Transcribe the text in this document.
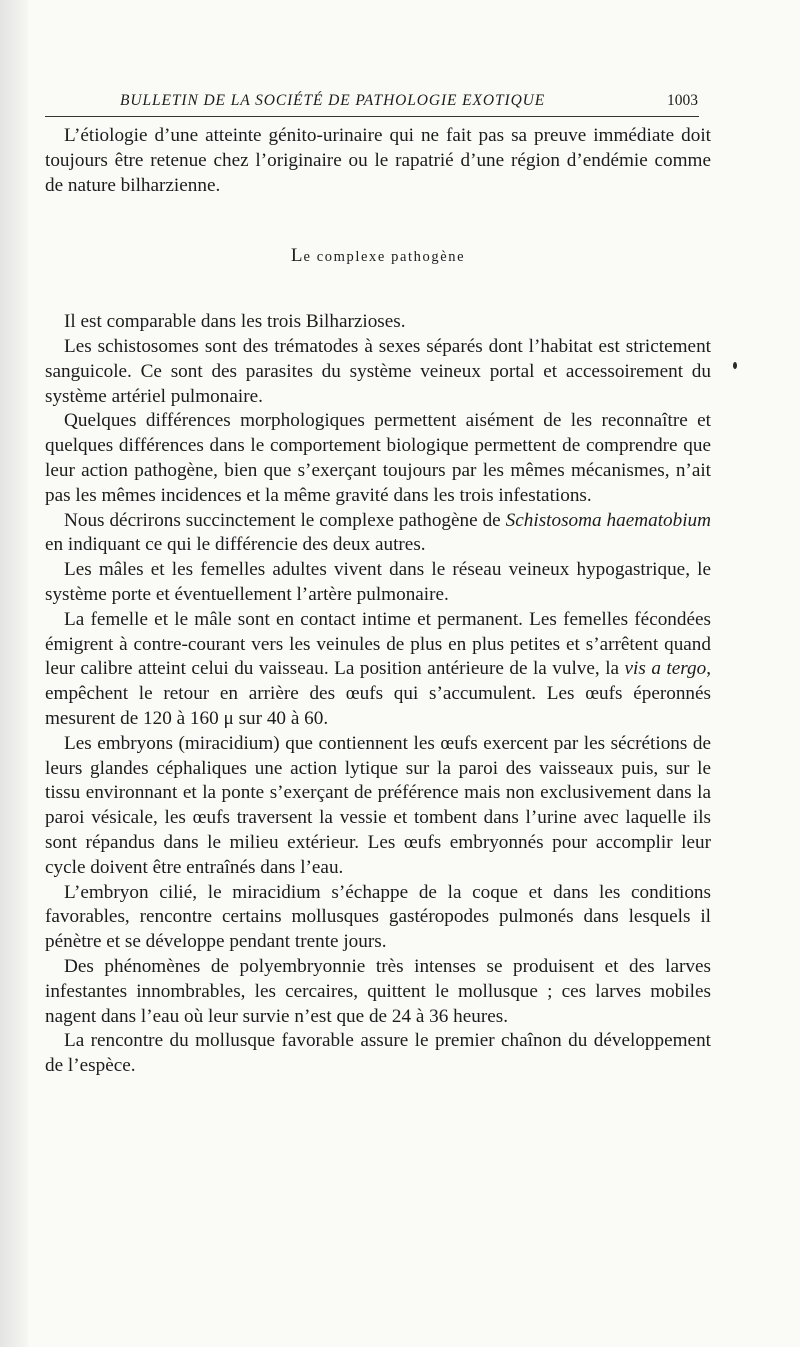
BULLETIN DE LA SOCIÉTÉ DE PATHOLOGIE EXOTIQUE	1003

L’étiologie d’une atteinte génito-urinaire qui ne fait pas sa preuve immédiate doit toujours être retenue chez l’originaire ou le rapatrié d’une région d’endémie comme de nature bilharzienne.

Le complexe pathogène

Il est comparable dans les trois Bilharzioses.

Les schistosomes sont des trématodes à sexes séparés dont l’habitat est strictement sanguicole. Ce sont des parasites du système veineux portal et accessoirement du système artériel pulmonaire.

Quelques différences morphologiques permettent aisément de les reconnaître et quelques différences dans le comportement biologique permettent de comprendre que leur action pathogène, bien que s’exerçant toujours par les mêmes mécanismes, n’ait pas les mêmes incidences et la même gravité dans les trois infestations.

Nous décrirons succinctement le complexe pathogène de Schistosoma haematobium en indiquant ce qui le différencie des deux autres.

Les mâles et les femelles adultes vivent dans le réseau veineux hypogastrique, le système porte et éventuellement l’artère pulmonaire.

La femelle et le mâle sont en contact intime et permanent. Les femelles fécondées émigrent à contre-courant vers les veinules de plus en plus petites et s’arrêtent quand leur calibre atteint celui du vaisseau. La position antérieure de la vulve, la vis a tergo, empêchent le retour en arrière des œufs qui s’accumulent. Les œufs éperonnés mesurent de 120 à 160 μ sur 40 à 60.

Les embryons (miracidium) que contiennent les œufs exercent par les sécrétions de leurs glandes céphaliques une action lytique sur la paroi des vaisseaux puis, sur le tissu environnant et la ponte s’exerçant de préférence mais non exclusivement dans la paroi vésicale, les œufs traversent la vessie et tombent dans l’urine avec laquelle ils sont répandus dans le milieu extérieur. Les œufs embryonnés pour accomplir leur cycle doivent être entraînés dans l’eau.

L’embryon cilié, le miracidium s’échappe de la coque et dans les conditions favorables, rencontre certains mollusques gastéropodes pulmonés dans lesquels il pénètre et se développe pendant trente jours.

Des phénomènes de polyembryonnie très intenses se produisent et des larves infestantes innombrables, les cercaires, quittent le mollusque ; ces larves mobiles nagent dans l’eau où leur survie n’est que de 24 à 36 heures.

La rencontre du mollusque favorable assure le premier chaînon du développement de l’espèce.
